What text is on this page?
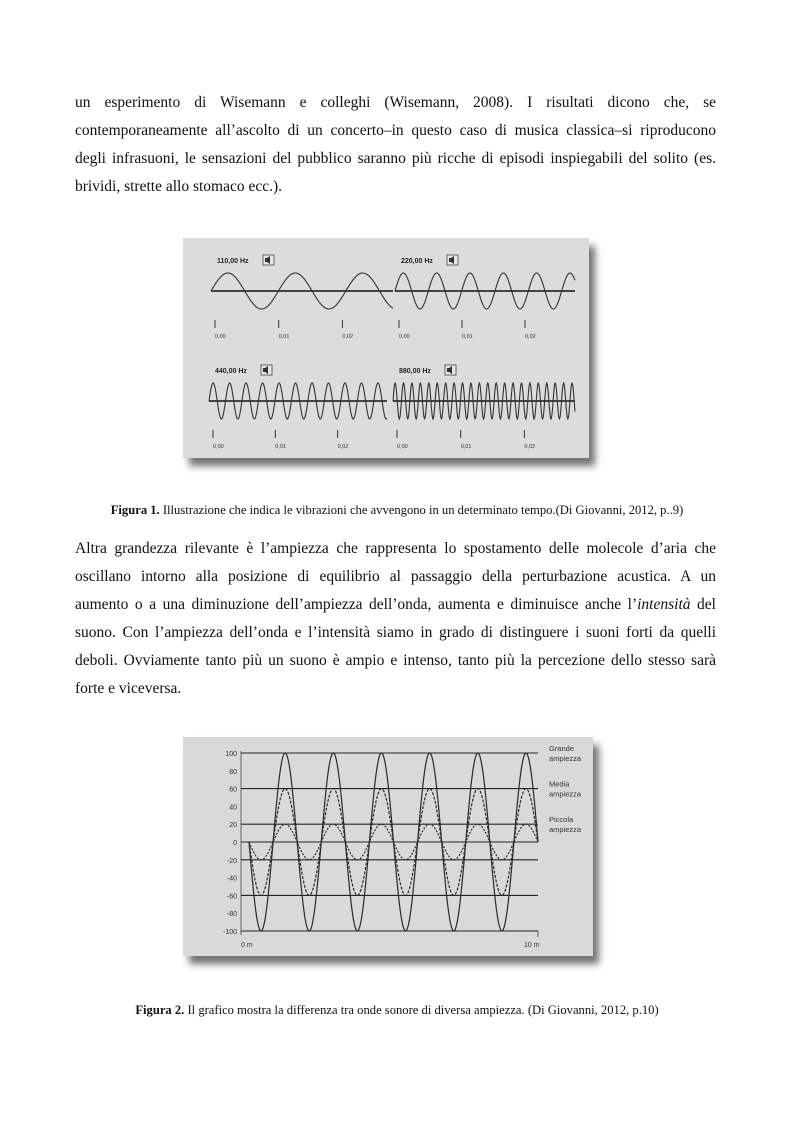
un esperimento di Wisemann e colleghi (Wisemann, 2008). I risultati dicono che, se
contemporaneamente all’ascolto di un concerto–in questo caso di musica classica–si riproducono
degli infrasuoni, le sensazioni del pubblico saranno più ricche di episodi inspiegabili del solito (es.
brividi, strette allo stomaco ecc.).
110,00 Hz
0,00	0,01	0,02
220,00 Hz
0,00	0,01	0,02
440,00 Hz
0,00	0,01	0,02
880,00 Hz
0,00	0,01	0,02
Figura 1. Illustrazione che indica le vibrazioni che avvengono in un determinato tempo.(Di Giovanni, 2012, p..9)
Altra grandezza rilevante è l’ampiezza che rappresenta lo spostamento delle molecole d’aria che
oscillano intorno alla posizione di equilibrio al passaggio della perturbazione acustica. A un
aumento o a una diminuzione dell’ampiezza dell’onda, aumenta e diminuisce anche l’intensità del
suono. Con l’ampiezza dell’onda e l’intensità siamo in grado di distinguere i suoni forti da quelli
deboli. Ovviamente tanto più un suono è ampio e intenso, tanto più la percezione dello stesso sarà
forte e viceversa.
100
80
60
40
20
0
-20
-40
-60
-80
-100
0 m	10 m
Grande
ampiezza
Media
ampiezza
Piccola
ampiezza
Figura 2. Il grafico mostra la differenza tra onde sonore di diversa ampiezza. (Di Giovanni, 2012, p.10)
